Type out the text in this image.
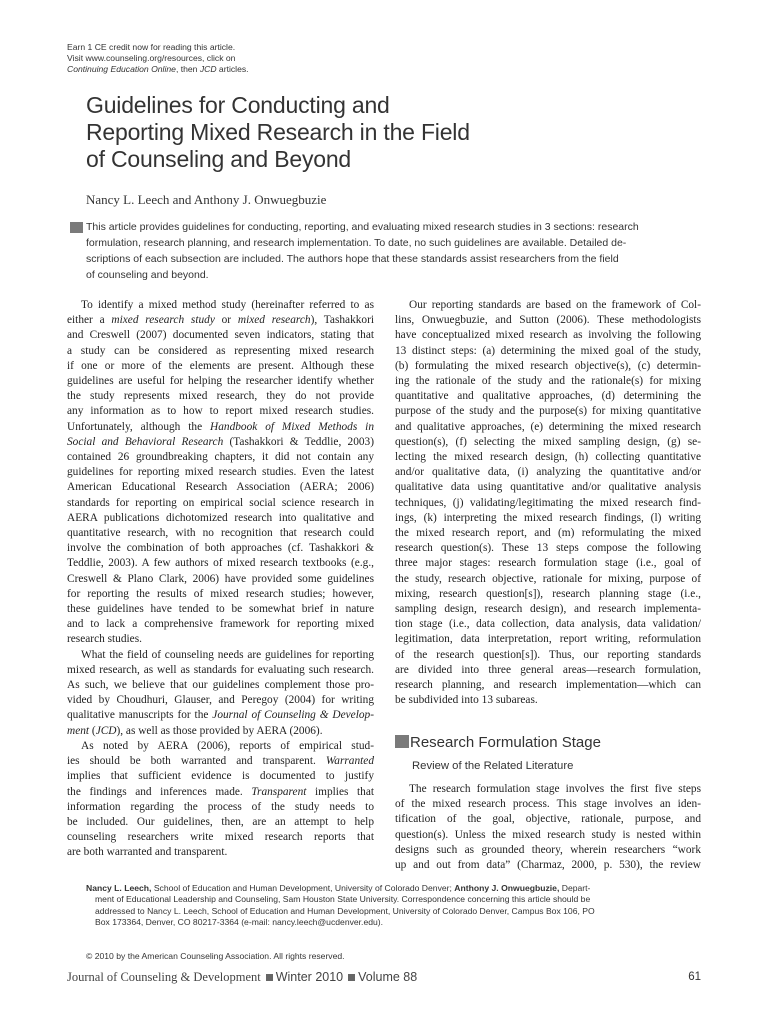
Earn 1 CE credit now for reading this article.
Visit www.counseling.org/resources, click on
Continuing Education Online, then JCD articles.
Guidelines for Conducting and
Reporting Mixed Research in the Field
of Counseling and Beyond
Nancy L. Leech and Anthony J. Onwuegbuzie
This article provides guidelines for conducting, reporting, and evaluating mixed research studies in 3 sections: research
formulation, research planning, and research implementation. To date, no such guidelines are available. Detailed de-
scriptions of each subsection are included. The authors hope that these standards assist researchers from the field
of counseling and beyond.
To identify a mixed method study (hereinafter referred to as
either a mixed research study or mixed research), Tashakkori
and Creswell (2007) documented seven indicators, stating that
a study can be considered as representing mixed research
if one or more of the elements are present. Although these
guidelines are useful for helping the researcher identify whether
the study represents mixed research, they do not provide
any information as to how to report mixed research studies.
Unfortunately, although the Handbook of Mixed Methods in
Social and Behavioral Research (Tashakkori & Teddlie, 2003)
contained 26 groundbreaking chapters, it did not contain any
guidelines for reporting mixed research studies. Even the latest
American Educational Research Association (AERA; 2006)
standards for reporting on empirical social science research in
AERA publications dichotomized research into qualitative and
quantitative research, with no recognition that research could
involve the combination of both approaches (cf. Tashakkori &
Teddlie, 2003). A few authors of mixed research textbooks (e.g.,
Creswell & Plano Clark, 2006) have provided some guidelines
for reporting the results of mixed research studies; however,
these guidelines have tended to be somewhat brief in nature
and to lack a comprehensive framework for reporting mixed
research studies.
What the field of counseling needs are guidelines for reporting
mixed research, as well as standards for evaluating such research.
As such, we believe that our guidelines complement those pro-
vided by Choudhuri, Glauser, and Peregoy (2004) for writing
qualitative manuscripts for the Journal of Counseling & Develop-
ment (JCD), as well as those provided by AERA (2006).
As noted by AERA (2006), reports of empirical stud-
ies should be both warranted and transparent. Warranted
implies that sufficient evidence is documented to justify
the findings and inferences made. Transparent implies that
information regarding the process of the study needs to
be included. Our guidelines, then, are an attempt to help
counseling researchers write mixed research reports that
are both warranted and transparent.
Our reporting standards are based on the framework of Col-
lins, Onwuegbuzie, and Sutton (2006). These methodologists
have conceptualized mixed research as involving the following
13 distinct steps: (a) determining the mixed goal of the study,
(b) formulating the mixed research objective(s), (c) determin-
ing the rationale of the study and the rationale(s) for mixing
quantitative and qualitative approaches, (d) determining the
purpose of the study and the purpose(s) for mixing quantitative
and qualitative approaches, (e) determining the mixed research
question(s), (f) selecting the mixed sampling design, (g) se-
lecting the mixed research design, (h) collecting quantitative
and/or qualitative data, (i) analyzing the quantitative and/or
qualitative data using quantitative and/or qualitative analysis
techniques, (j) validating/legitimating the mixed research find-
ings, (k) interpreting the mixed research findings, (l) writing
the mixed research report, and (m) reformulating the mixed
research question(s). These 13 steps compose the following
three major stages: research formulation stage (i.e., goal of
the study, research objective, rationale for mixing, purpose of
mixing, research question[s]), research planning stage (i.e.,
sampling design, research design), and research implementa-
tion stage (i.e., data collection, data analysis, data validation/
legitimation, data interpretation, report writing, reformulation
of the research question[s]). Thus, our reporting standards
are divided into three general areas—research formulation,
research planning, and research implementation—which can
be subdivided into 13 subareas.
Research Formulation Stage
Review of the Related Literature
The research formulation stage involves the first five steps
of the mixed research process. This stage involves an iden-
tification of the goal, objective, rationale, purpose, and
question(s). Unless the mixed research study is nested within
designs such as grounded theory, wherein researchers “work
up and out from data” (Charmaz, 2000, p. 530), the review
Nancy L. Leech, School of Education and Human Development, University of Colorado Denver; Anthony J. Onwuegbuzie, Depart-
ment of Educational Leadership and Counseling, Sam Houston State University. Correspondence concerning this article should be
addressed to Nancy L. Leech, School of Education and Human Development, University of Colorado Denver, Campus Box 106, PO
Box 173364, Denver, CO 80217-3364 (e-mail: nancy.leech@ucdenver.edu).
© 2010 by the American Counseling Association. All rights reserved.
Journal of Counseling & Development Winter 2010 Volume 88	61
